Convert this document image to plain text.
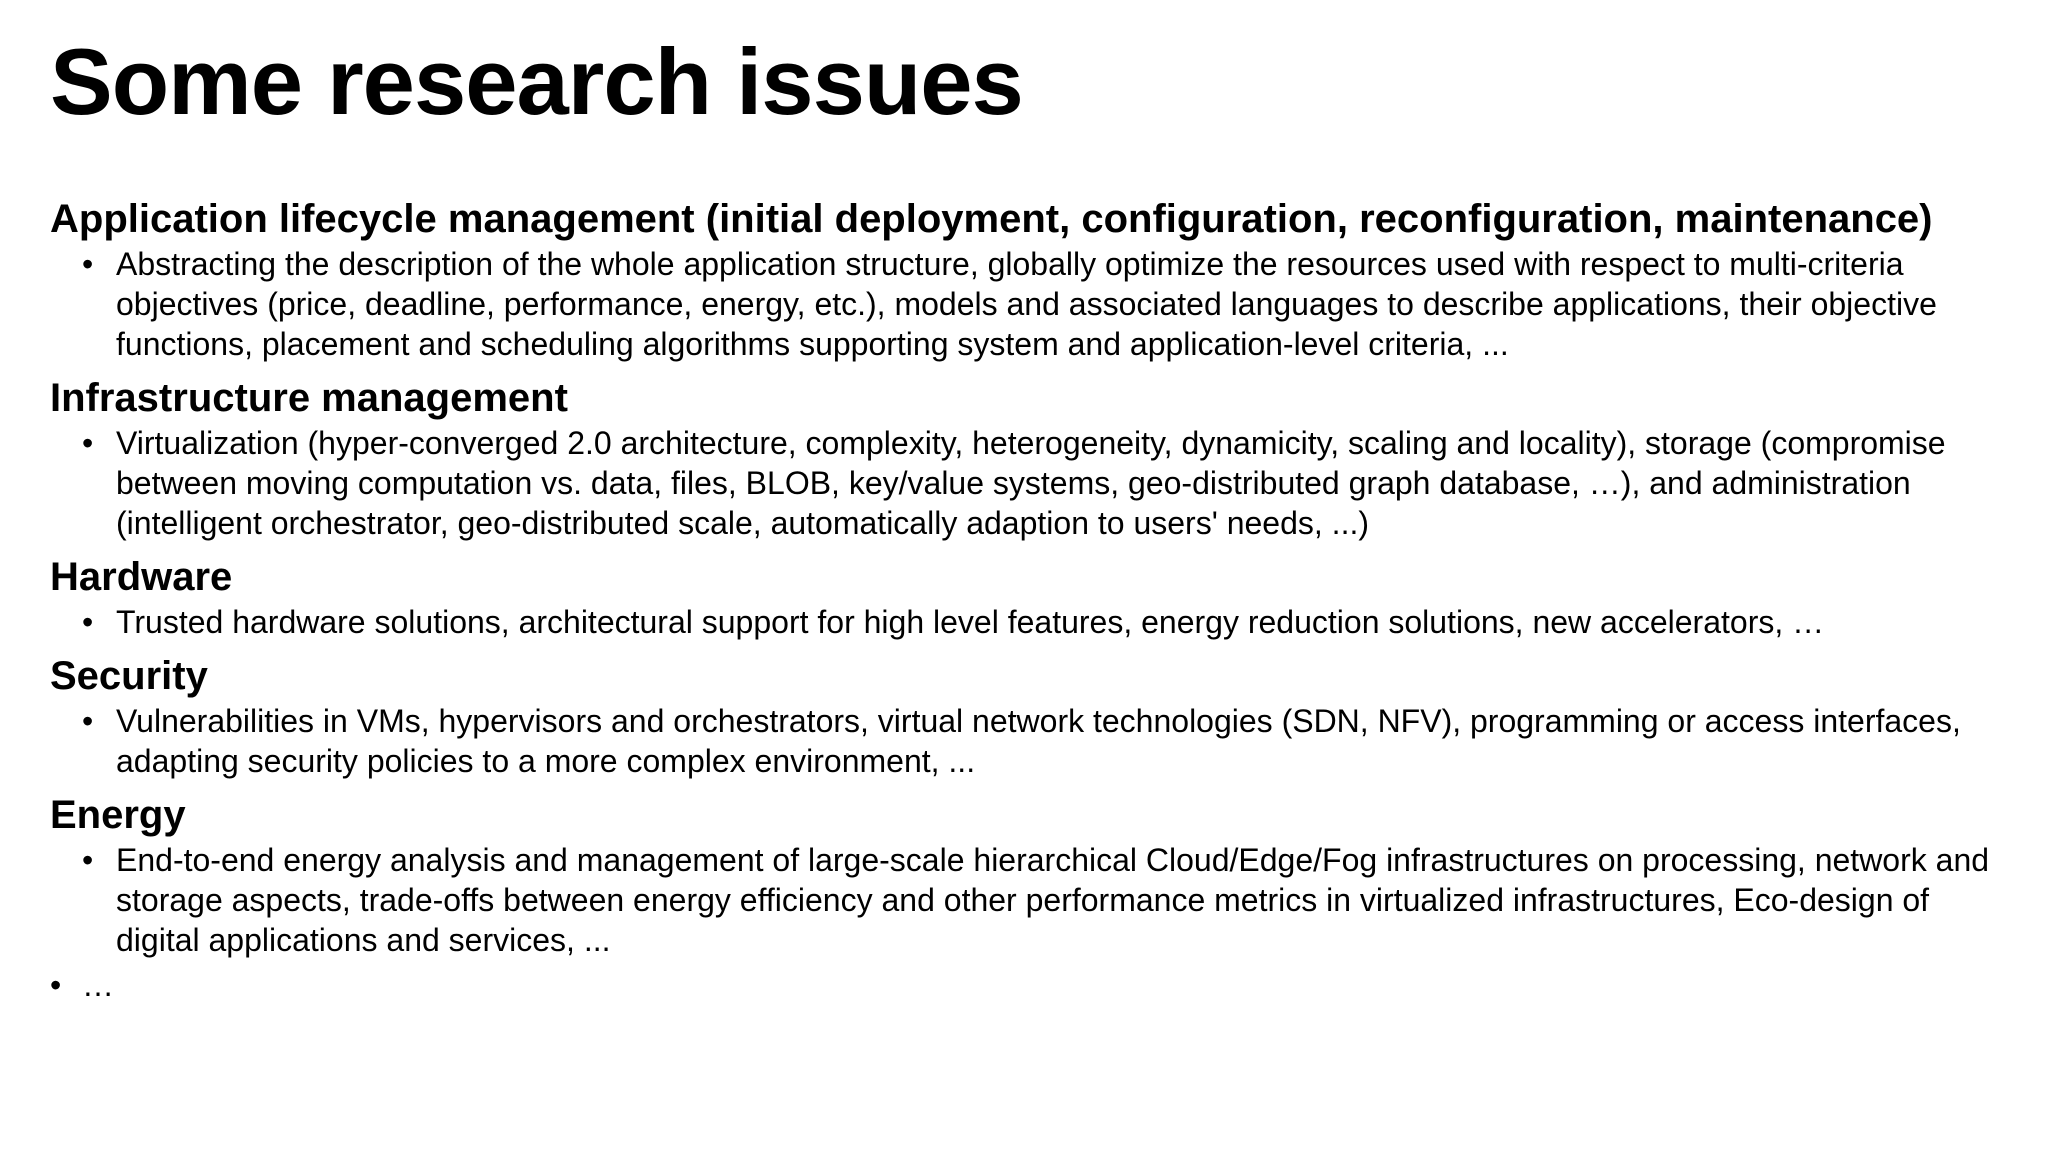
Some research issues
Application lifecycle management (initial deployment, configuration, reconfiguration, maintenance)
• Abstracting the description of the whole application structure, globally optimize the resources used with respect to multi-criteria objectives (price, deadline, performance, energy, etc.), models and associated languages to describe applications, their objective functions, placement and scheduling algorithms supporting system and application-level criteria, ...
Infrastructure management
• Virtualization (hyper-converged 2.0 architecture, complexity, heterogeneity, dynamicity, scaling and locality), storage (compromise between moving computation vs. data, files, BLOB, key/value systems, geo-distributed graph database, …), and administration (intelligent orchestrator, geo-distributed scale, automatically adaption to users' needs, ...)
Hardware
• Trusted hardware solutions, architectural support for high level features, energy reduction solutions, new accelerators, …
Security
• Vulnerabilities in VMs, hypervisors and orchestrators, virtual network technologies (SDN, NFV), programming or access interfaces, adapting security policies to a more complex environment, ...
Energy
• End-to-end energy analysis and management of large-scale hierarchical Cloud/Edge/Fog infrastructures on processing, network and storage aspects, trade-offs between energy efficiency and other performance metrics in virtualized infrastructures, Eco-design of digital applications and services, ...
• …
